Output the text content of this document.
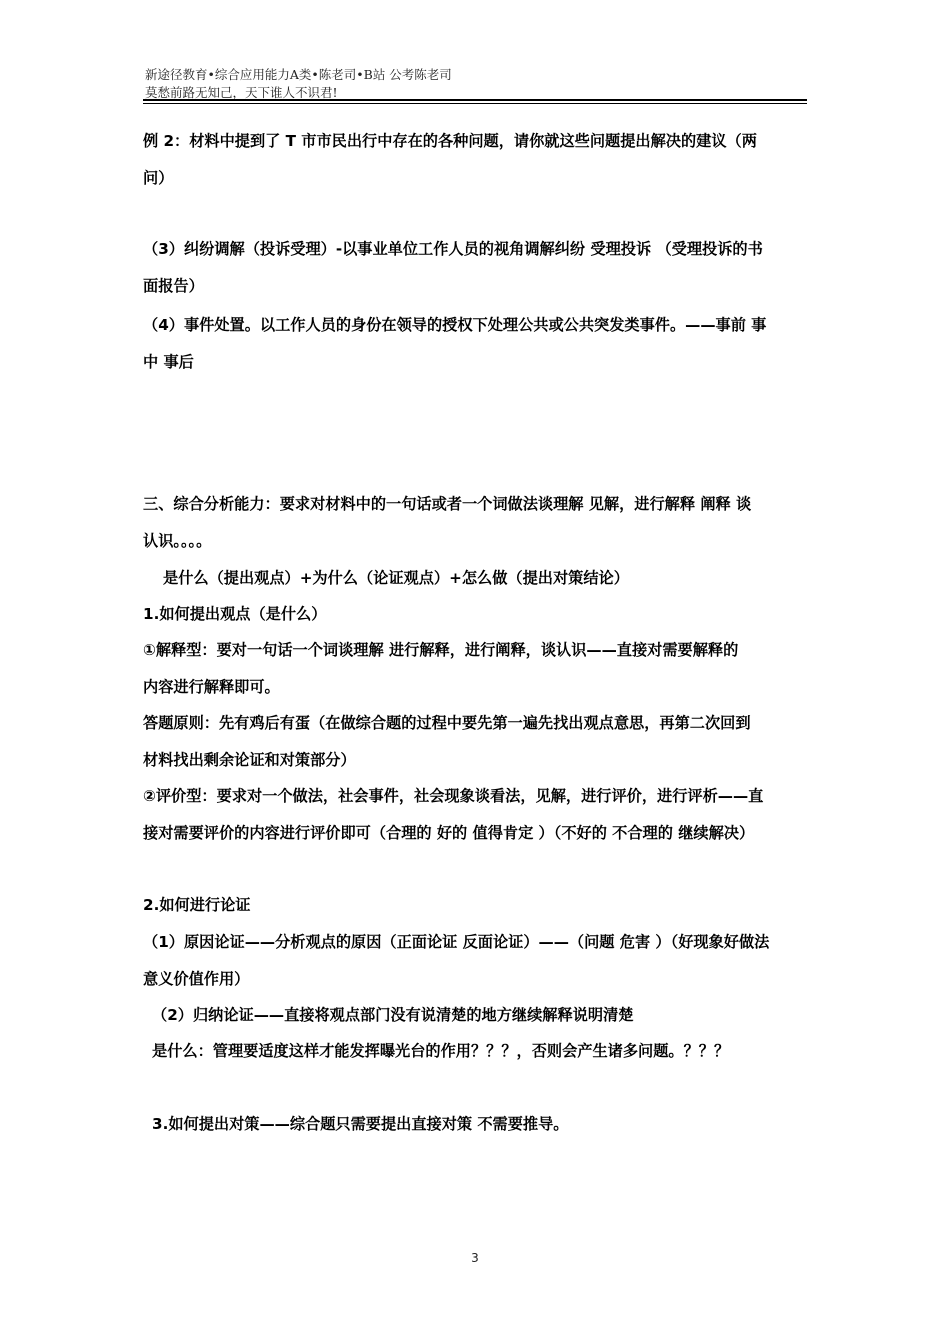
新途径教育•综合应用能力A类•陈老司•B站 公考陈老司
莫愁前路无知己，天下谁人不识君!
例 2：材料中提到了 T 市市民出行中存在的各种问题，请你就这些问题提出解决的建议（两
问）
（3）纠纷调解（投诉受理）-以事业单位工作人员的视角调解纠纷 受理投诉 （受理投诉的书
面报告）
（4）事件处置。以工作人员的身份在领导的授权下处理公共或公共突发类事件。——事前 事
中 事后
三、综合分析能力：要求对材料中的一句话或者一个词做法谈理解 见解，进行解释 阐释 谈
认识。。。。
是什么（提出观点）+为什么（论证观点）+怎么做（提出对策结论）
1.如何提出观点（是什么）
①解释型：要对一句话一个词谈理解 进行解释，进行阐释，谈认识——直接对需要解释的
内容进行解释即可。
答题原则：先有鸡后有蛋（在做综合题的过程中要先第一遍先找出观点意思，再第二次回到
材料找出剩余论证和对策部分）
②评价型：要求对一个做法，社会事件，社会现象谈看法，见解，进行评价，进行评析——直
接对需要评价的内容进行评价即可（合理的 好的 值得肯定 ）（不好的 不合理的 继续解决）
2.如何进行论证
（1）原因论证——分析观点的原因（正面论证 反面论证）——（问题 危害 ）（好现象好做法
意义价值作用）
（2）归纳论证——直接将观点部门没有说清楚的地方继续解释说明清楚
是什么：管理要适度这样才能发挥曝光台的作用？？？，否则会产生诸多问题。？？？
3.如何提出对策——综合题只需要提出直接对策 不需要推导。
3
